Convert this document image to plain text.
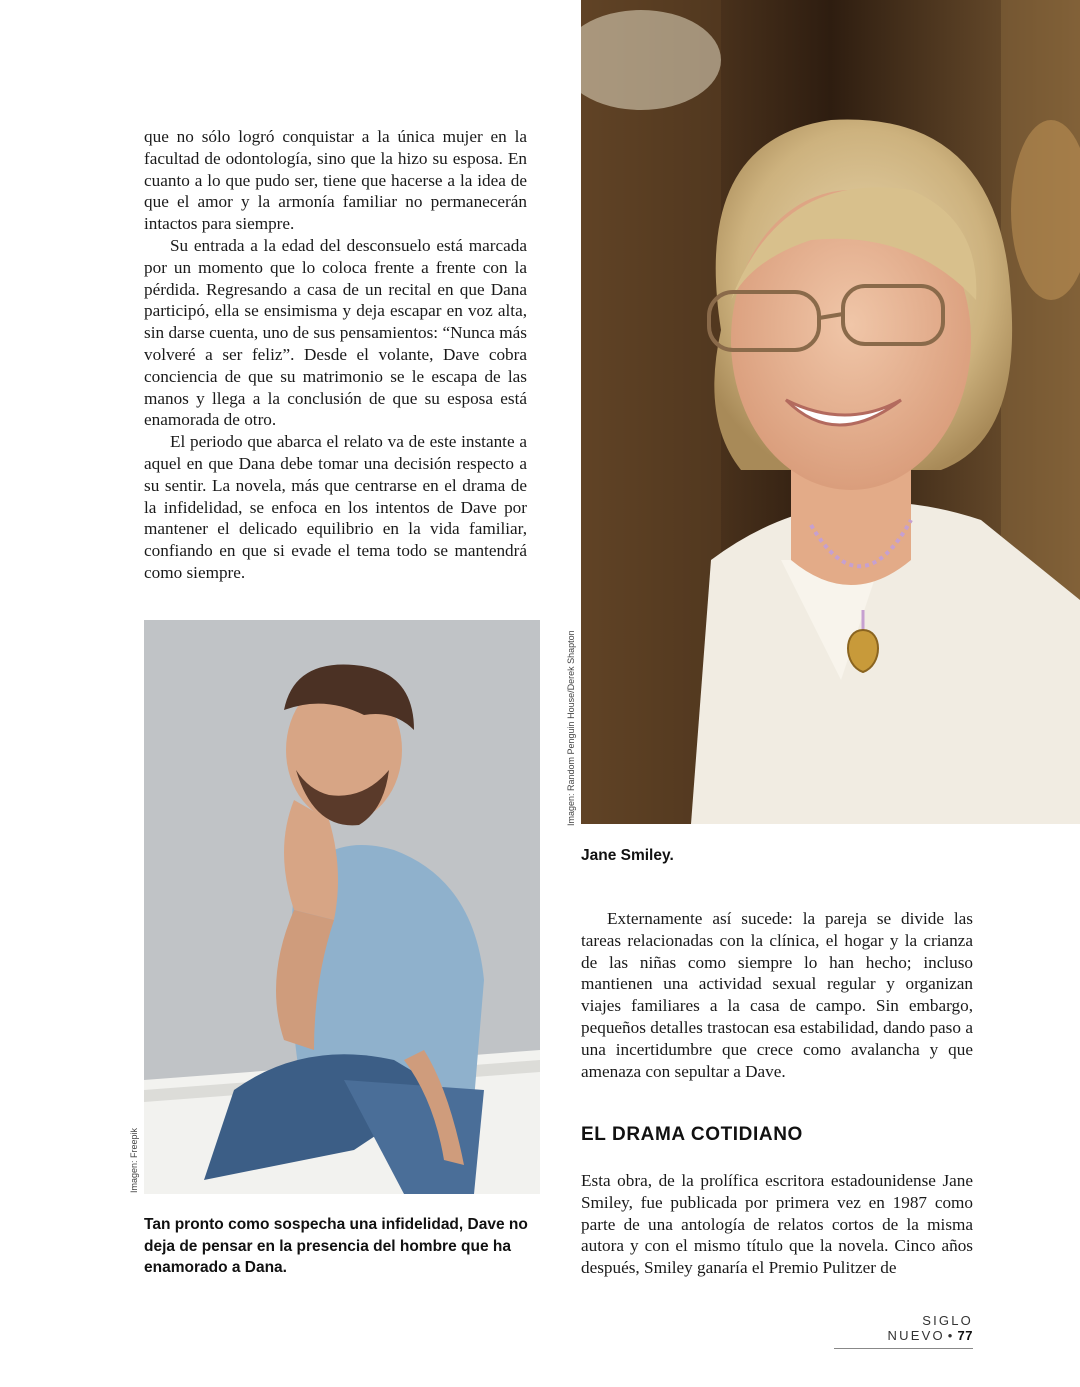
que no sólo logró conquistar a la única mujer en la facultad de odontología, sino que la hizo su esposa. En cuanto a lo que pudo ser, tiene que hacerse a la idea de que el amor y la armonía familiar no permanecerán intactos para siempre.

Su entrada a la edad del desconsuelo está marcada por un momento que lo coloca frente a frente con la pérdida. Regresando a casa de un recital en que Dana participó, ella se ensimisma y deja escapar en voz alta, sin darse cuenta, uno de sus pensamientos: “Nunca más volveré a ser feliz”. Desde el volante, Dave cobra conciencia de que su matrimonio se le escapa de las manos y llega a la conclusión de que su esposa está enamorada de otro.

El periodo que abarca el relato va de este instante a aquel en que Dana debe tomar una decisión respecto a su sentir. La novela, más que centrarse en el drama de la infidelidad, se enfoca en los intentos de Dave por mantener el delicado equilibrio en la vida familiar, confiando en que si evade el tema todo se mantendrá como siempre.

Imagen: Random Penguin House/Derek Shapton
Jane Smiley.

Externamente así sucede: la pareja se divide las tareas relacionadas con la clínica, el hogar y la crianza de las niñas como siempre lo han hecho; incluso mantienen una actividad sexual regular y organizan viajes familiares a la casa de campo. Sin embargo, pequeños detalles trastocan esa estabilidad, dando paso a una incertidumbre que crece como avalancha y que amenaza con sepultar a Dave.

EL DRAMA COTIDIANO

Esta obra, de la prolífica escritora estadounidense Jane Smiley, fue publicada por primera vez en 1987 como parte de una antología de relatos cortos de la misma autora y con el mismo título que la novela. Cinco años después, Smiley ganaría el Premio Pulitzer de

Imagen: Freepik
Tan pronto como sospecha una infidelidad, Dave no deja de pensar en la presencia del hombre que ha enamorado a Dana.
SIGLO NUEVO • 77
